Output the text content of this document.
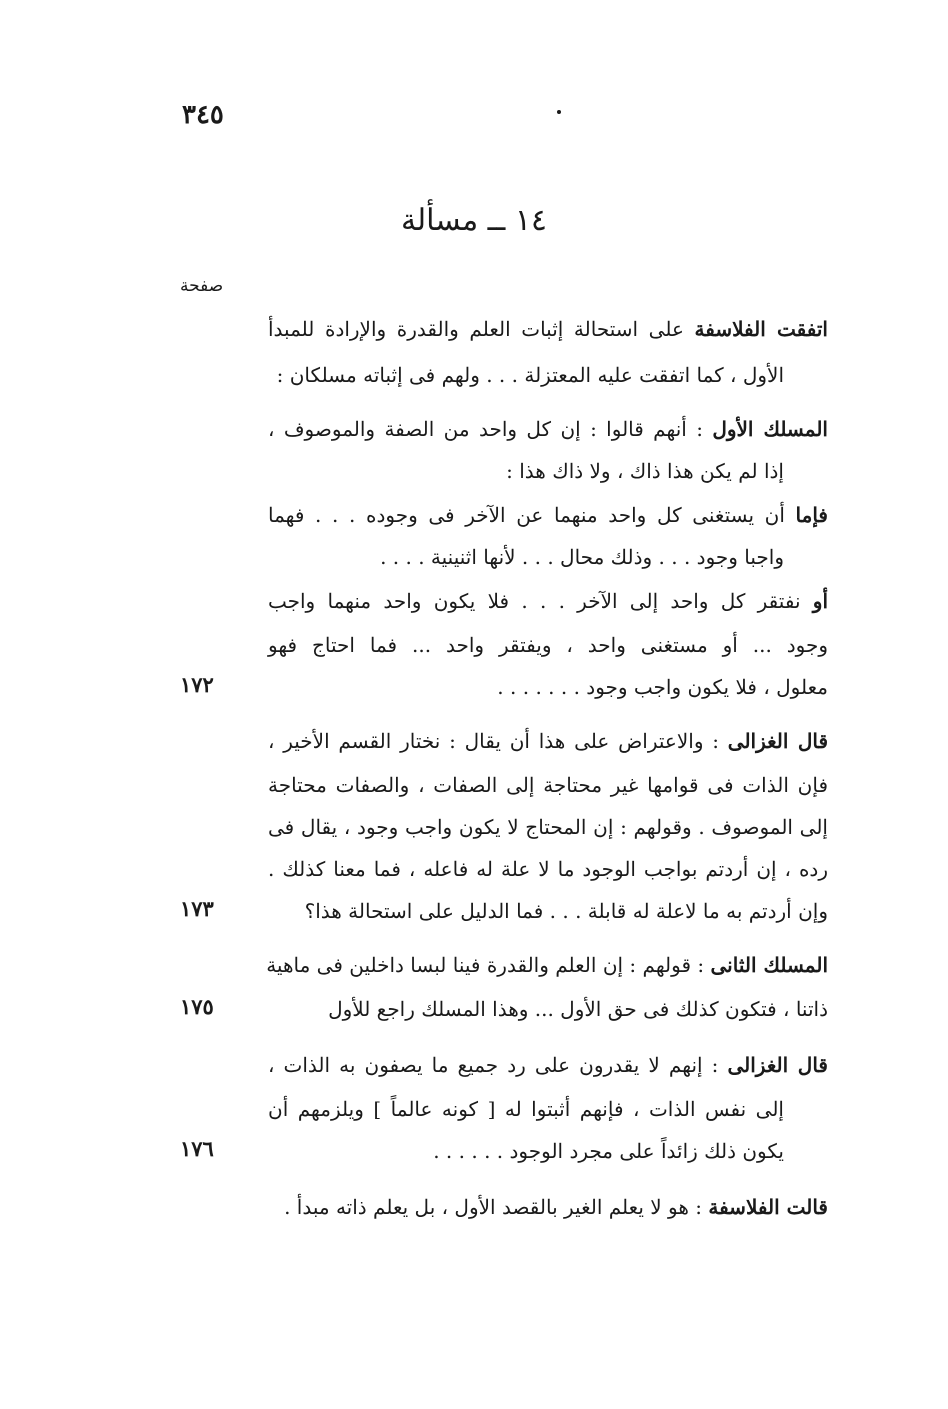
٣٤٥
١٤ ــ مسألة
صفحة
اتفقت الفلاسفة على استحالة إثبات العلم والقدرة والإرادة للمبدأ
الأول ، كما اتفقت عليه المعتزلة . . . ولهم فى إثباته مسلكان :
المسلك الأول : أنهم قالوا : إن كل واحد من الصفة والموصوف ،
إذا لم يكن هذا ذاك ، ولا ذاك هذا :
فإما أن يستغنى كل واحد منهما عن الآخر فى وجوده . . . فهما
واجبا وجود . . . وذلك محال . . . لأنها اثنينية . . . .
أو نفتقر كل واحد إلى الآخر . . . فلا يكون واحد منهما واجب
وجود ... أو مستغنى واحد ، ويفتقر واحد ... فما احتاج فهو
معلول ، فلا يكون واجب وجود . . . . . . .
قال الغزالى : والاعتراض على هذا أن يقال : نختار القسم الأخير ،
فإن الذات فى قوامها غير محتاجة إلى الصفات ، والصفات محتاجة
إلى الموصوف . وقولهم : إن المحتاج لا يكون واجب وجود ، يقال فى
رده ، إن أردتم بواجب الوجود ما لا علة له فاعله ، فما معنا كذلك .
وإن أردتم به ما لاعلة له قابلة . . . فما الدليل على استحالة هذا؟
المسلك الثانى : قولهم : إن العلم والقدرة فينا لبسا داخلين فى ماهية
ذاتنا ، فتكون كذلك فى حق الأول ... وهذا المسلك راجع للأول
قال الغزالى : إنهم لا يقدرون على رد جميع ما يصفون به الذات ،
إلى نفس الذات ، فإنهم أثبتوا له [ كونه عالماً ] ويلزمهم أن
يكون ذلك زائداً على مجرد الوجود . . . . . .
قالت الفلاسفة : هو لا يعلم الغير بالقصد الأول ، بل يعلم ذاته مبدأ .
١٧٢
١٧٣
١٧٥
١٧٦
